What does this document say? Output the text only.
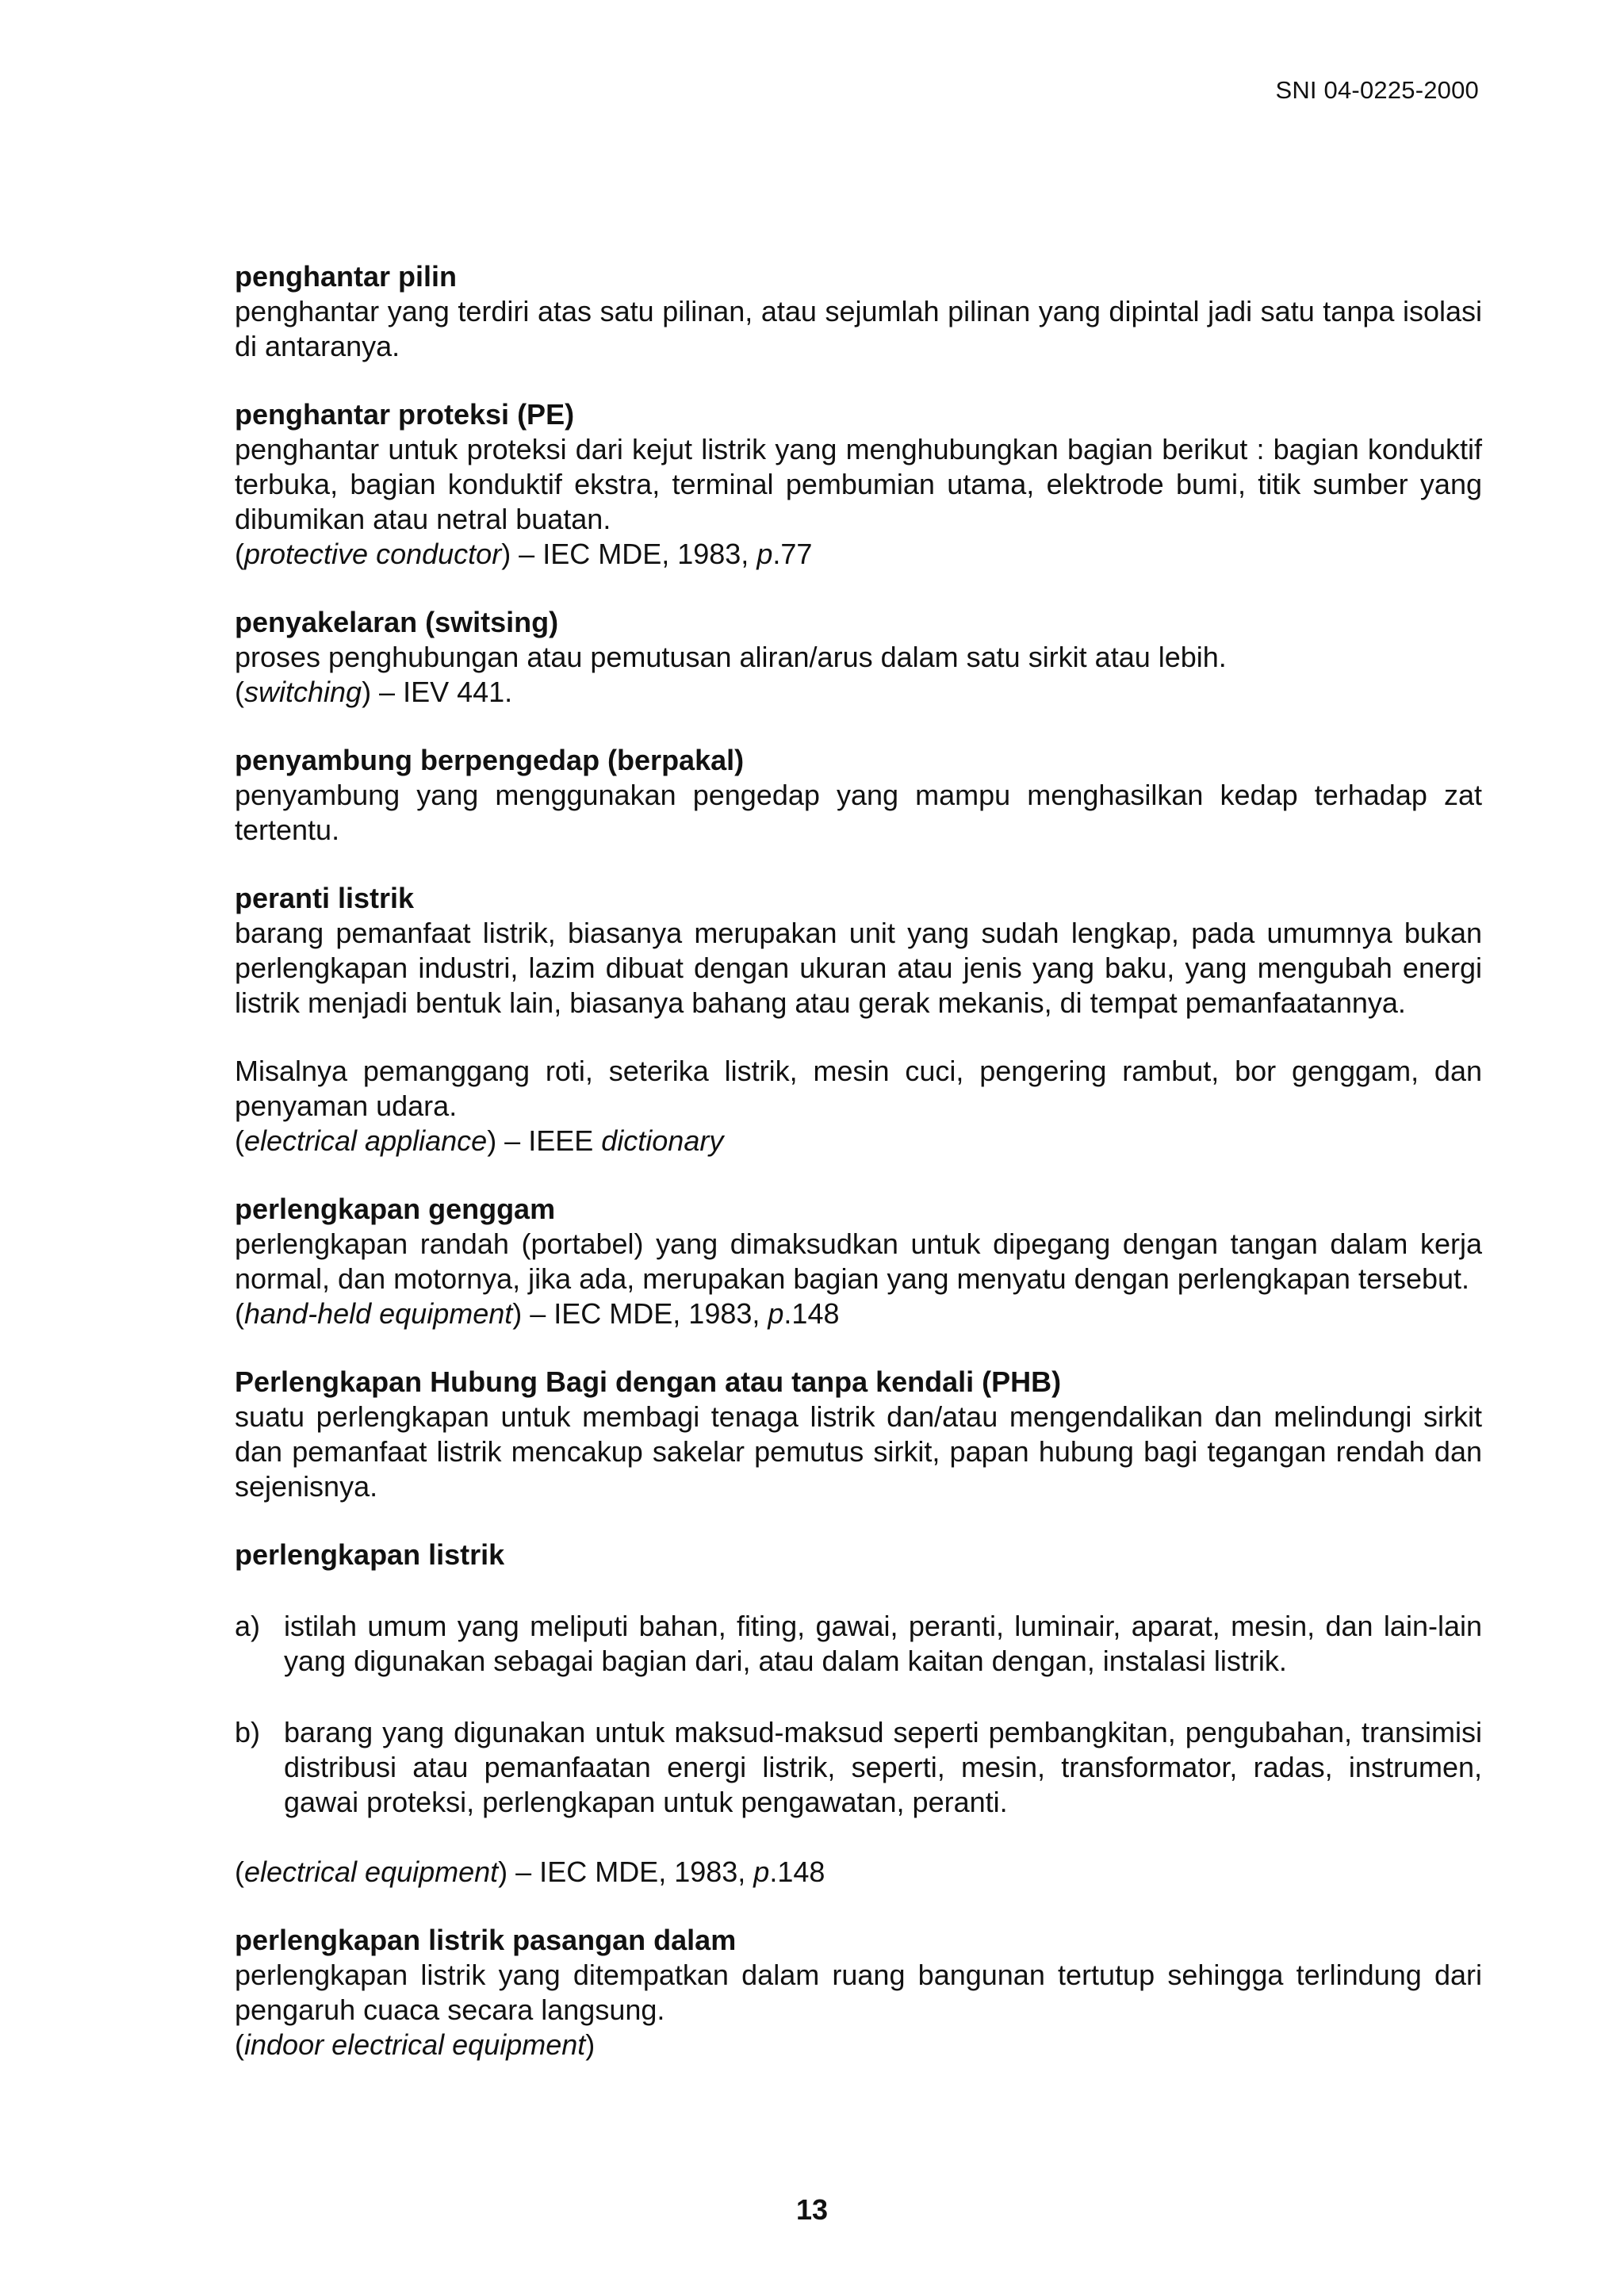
SNI 04-0225-2000

penghantar pilin

penghantar yang terdiri atas satu pilinan, atau sejumlah pilinan yang dipintal jadi satu tanpa isolasi di antaranya.

penghantar proteksi (PE)

penghantar untuk proteksi dari kejut listrik yang menghubungkan bagian berikut : bagian konduktif terbuka, bagian konduktif ekstra, terminal pembumian utama, elektrode bumi, titik sumber yang dibumikan atau netral buatan.

(protective conductor) – IEC MDE, 1983, p.77

penyakelaran (switsing)

proses penghubungan atau pemutusan aliran/arus dalam satu sirkit atau lebih.

(switching) – IEV 441.

penyambung berpengedap (berpakal)

penyambung yang menggunakan pengedap yang mampu menghasilkan kedap terhadap zat tertentu.

peranti listrik

barang pemanfaat listrik, biasanya merupakan unit yang sudah lengkap, pada umumnya bukan perlengkapan industri, lazim dibuat dengan ukuran atau jenis yang baku, yang mengubah energi listrik menjadi bentuk lain, biasanya bahang atau gerak mekanis, di tempat pemanfaatannya.

Misalnya pemanggang roti, seterika listrik, mesin cuci, pengering rambut, bor genggam, dan penyaman udara.

(electrical appliance) – IEEE dictionary

perlengkapan genggam

perlengkapan randah (portabel) yang dimaksudkan untuk dipegang dengan tangan dalam kerja normal, dan motornya, jika ada, merupakan bagian yang menyatu dengan perlengkapan tersebut.

(hand-held equipment) – IEC MDE, 1983, p.148

Perlengkapan Hubung Bagi dengan atau tanpa kendali (PHB)

suatu perlengkapan untuk membagi tenaga listrik dan/atau mengendalikan dan melindungi sirkit dan pemanfaat listrik mencakup sakelar pemutus sirkit, papan hubung bagi tegangan rendah dan sejenisnya.

perlengkapan listrik

a) istilah umum yang meliputi bahan, fiting, gawai, peranti, luminair, aparat, mesin, dan lain-lain yang digunakan sebagai bagian dari, atau dalam kaitan dengan, instalasi listrik.
b) barang yang digunakan untuk maksud-maksud seperti pembangkitan, pengubahan, transimisi distribusi atau pemanfaatan energi listrik, seperti, mesin, transformator, radas, instrumen, gawai proteksi, perlengkapan untuk pengawatan, peranti.

(electrical equipment) – IEC MDE, 1983, p.148

perlengkapan listrik pasangan dalam

perlengkapan listrik yang ditempatkan dalam ruang bangunan tertutup sehingga terlindung dari pengaruh cuaca secara langsung.

(indoor electrical equipment)

13
